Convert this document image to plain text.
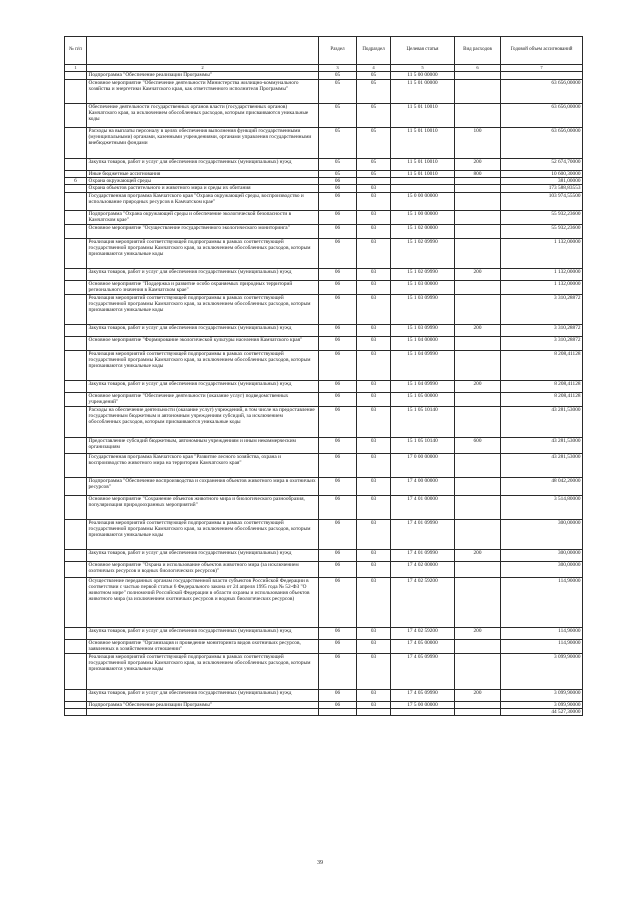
№ п/п		Раздел	Подраздел	Целевая статья	Вид расходов	Годовой объем ассигнований
1	2	3	4	5	6	7
	Подпрограмма "Обеспечение реализации Программы"	05	05	11 5 00 00000		
	Основное мероприятие "Обеспечение деятельности Министерства жилищно-коммунального хозяйства и энергетики Камчатского края, как ответственного исполнителя Программы"	05	05	11 5 01 00000		63 656,00000
	Обеспечение деятельности государственных органов власти (государственных органов) Камчатского края, за исключением обособленных расходов, которым присваиваются уникальные коды	05	05	11 5 01 10010		63 656,00000
	Расходы на выплаты персоналу в целях обеспечения выполнения функций государственными (муниципальными) органами, казенными учреждениями, органами управления государственными внебюджетными фондами	05	05	11 5 01 10010	100	63 656,00000
	Закупка товаров, работ и услуг для обеспечения государственных (муниципальных) нужд	05	05	11 5 01 10010	200	52 674,70000
	Иные бюджетные ассигнования	05	05	11 5 01 10010	800	10 600,30000
6	Охрана окружающей среды	06				381,00000
	Охрана объектов растительного и животного мира и среды их обитания	06	03			173 588,83553
	Государственная программа Камчатского края "Охрана окружающей среды, воспроизводство и использование природных ресурсов в Камчатском крае"	06	03	15 0 00 00000		103 974,55500
	Подпрограмма "Охрана окружающей среды и обеспечение экологической безопасности в Камчатском крае"	06	03	15 1 00 00000		55 932,23600
	Основное мероприятие "Осуществление государственного экологического мониторинга"	06	03	15 1 02 00000		55 932,23600
	Реализация мероприятий соответствующей подпрограммы в рамках соответствующей государственной программы Камчатского края, за исключением обособленных расходов, которым присваиваются уникальные коды	06	03	15 1 02 09990		1 132,00000
	Закупка товаров, работ и услуг для обеспечения государственных (муниципальных) нужд	06	03	15 1 02 09990	200	1 132,00000
	Основное мероприятие "Поддержка и развитие особо охраняемых природных территорий регионального значения в Камчатском крае"	06	03	15 1 03 00000		1 132,00000
	Реализация мероприятий соответствующей подпрограммы в рамках соответствующей государственной программы Камчатского края, за исключением обособленных расходов, которым присваиваются уникальные коды	06	03	15 1 03 09990		3 310,28872
	Закупка товаров, работ и услуг для обеспечения государственных (муниципальных) нужд	06	03	15 1 03 09990	200	3 310,28872
	Основное мероприятие "Формирование экологической культуры населения Камчатского края"	06	03	15 1 04 00000		3 310,28872
	Реализация мероприятий соответствующей подпрограммы в рамках соответствующей государственной программы Камчатского края, за исключением обособленных расходов, которым присваиваются уникальные коды	06	03	15 1 04 09990		8 208,41128
	Закупка товаров, работ и услуг для обеспечения государственных (муниципальных) нужд	06	03	15 1 04 09990	200	8 208,41128
	Основное мероприятие "Обеспечение деятельности (оказание услуг) подведомственных учреждений"	06	03	15 1 05 00000		8 208,41128
	Расходы на обеспечение деятельности (оказание услуг) учреждений, в том числе на предоставление государственным бюджетным и автономным учреждениям субсидий, за исключением обособленных расходов, которым присваиваются уникальные коды	06	03	15 1 05 10140		43 281,53000
	Предоставление субсидий бюджетным, автономным учреждениям и иным некоммерческим организациям	06	03	15 1 05 10140	600	43 281,53000
	Государственная программа Камчатского края "Развитие лесного хозяйства, охрана и воспроизводство животного мира на территории Камчатского края"	06	03	17 0 00 00000		43 281,53000
	Подпрограмма "Обеспечение воспроизводства и сохранения объектов животного мира в охотничьих ресурсов"	06	03	17 4 00 00000		48 042,20000
	Основное мероприятие "Сохранение объектов животного мира и биологического разнообразия, популяризация природоохранных мероприятий"	06	03	17 4 01 00000		3 514,80000
	Реализация мероприятий соответствующей подпрограммы в рамках соответствующей государственной программы Камчатского края, за исключением обособленных расходов, которым присваиваются уникальные коды	06	03	17 4 01 09990		300,00000
	Закупка товаров, работ и услуг для обеспечения государственных (муниципальных) нужд	06	03	17 4 01 09990	200	300,00000
	Основное мероприятие "Охрана и использование объектов животного мира (за исключением охотничьих ресурсов и водных биологических ресурсов)"	06	03	17 4 02 00000		300,00000
	Осуществление переданных органам государственной власти субъектов Российской Федерации в соответствии с частью первой статьи 6 Федерального закона от 24 апреля 1995 года № 52-ФЗ "О животном мире" полномочий Российской Федерации в области охраны и использования объектов животного мира (за исключением охотничьих ресурсов и водных биологических ресурсов)	06	03	17 4 02 59200		114,90000
	Закупка товаров, работ и услуг для обеспечения государственных (муниципальных) нужд	06	03	17 4 02 59200	200	114,90000
	Основное мероприятие "Организация и проведение мониторинга видов охотничьих ресурсов, заявленных в хозяйственном отношении"	06	03	17 4 05 00000		114,90000
	Реализация мероприятий соответствующей подпрограммы в рамках соответствующей государственной программы Камчатского края, за исключением обособленных расходов, которым присваиваются уникальные коды	06	03	17 4 05 09990		3 099,90000
	Закупка товаров, работ и услуг для обеспечения государственных (муниципальных) нужд	06	03	17 4 05 09990	200	3 099,90000
	Подпрограмма "Обеспечение реализации Программы"	06	03	17 5 00 00000		3 099,90000
						44 527,30000
39
